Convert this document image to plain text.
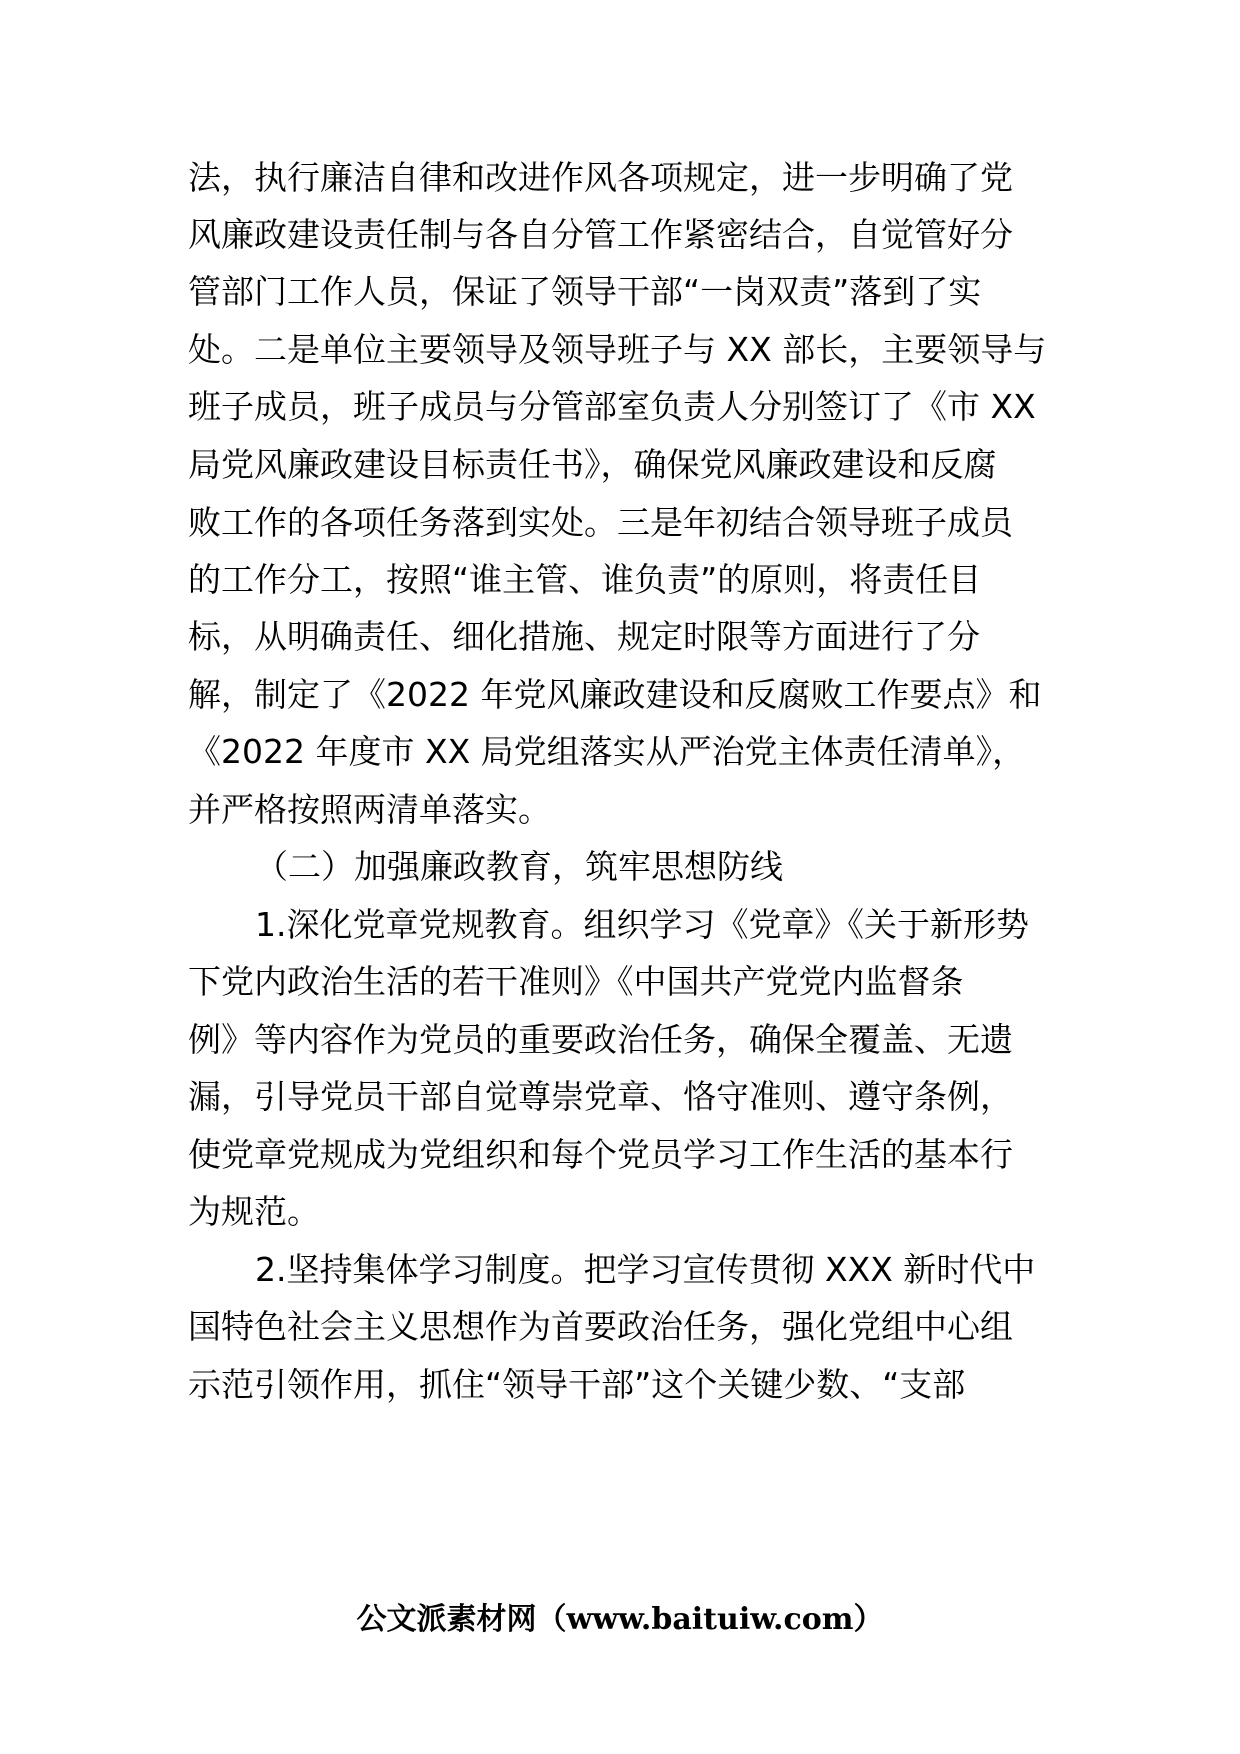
法，执行廉洁自律和改进作风各项规定，进一步明确了党
风廉政建设责任制与各自分管工作紧密结合，自觉管好分
管部门工作人员，保证了领导干部“一岗双责”落到了实
处。二是单位主要领导及领导班子与 XX 部长，主要领导与
班子成员，班子成员与分管部室负责人分别签订了《市 XX
局党风廉政建设目标责任书》，确保党风廉政建设和反腐
败工作的各项任务落到实处。三是年初结合领导班子成员
的工作分工，按照“谁主管、谁负责”的原则，将责任目
标，从明确责任、细化措施、规定时限等方面进行了分
解，制定了《2022 年党风廉政建设和反腐败工作要点》和
《2022 年度市 XX 局党组落实从严治党主体责任清单》，
并严格按照两清单落实。
（二）加强廉政教育，筑牢思想防线
1.深化党章党规教育。组织学习《党章》《关于新形势
下党内政治生活的若干准则》《中国共产党党内监督条
例》等内容作为党员的重要政治任务，确保全覆盖、无遗
漏，引导党员干部自觉尊崇党章、恪守准则、遵守条例，
使党章党规成为党组织和每个党员学习工作生活的基本行
为规范。
2.坚持集体学习制度。把学习宣传贯彻 XXX 新时代中
国特色社会主义思想作为首要政治任务，强化党组中心组
示范引领作用，抓住“领导干部”这个关键少数、“支部
公文派素材网（www.baituiw.com）
